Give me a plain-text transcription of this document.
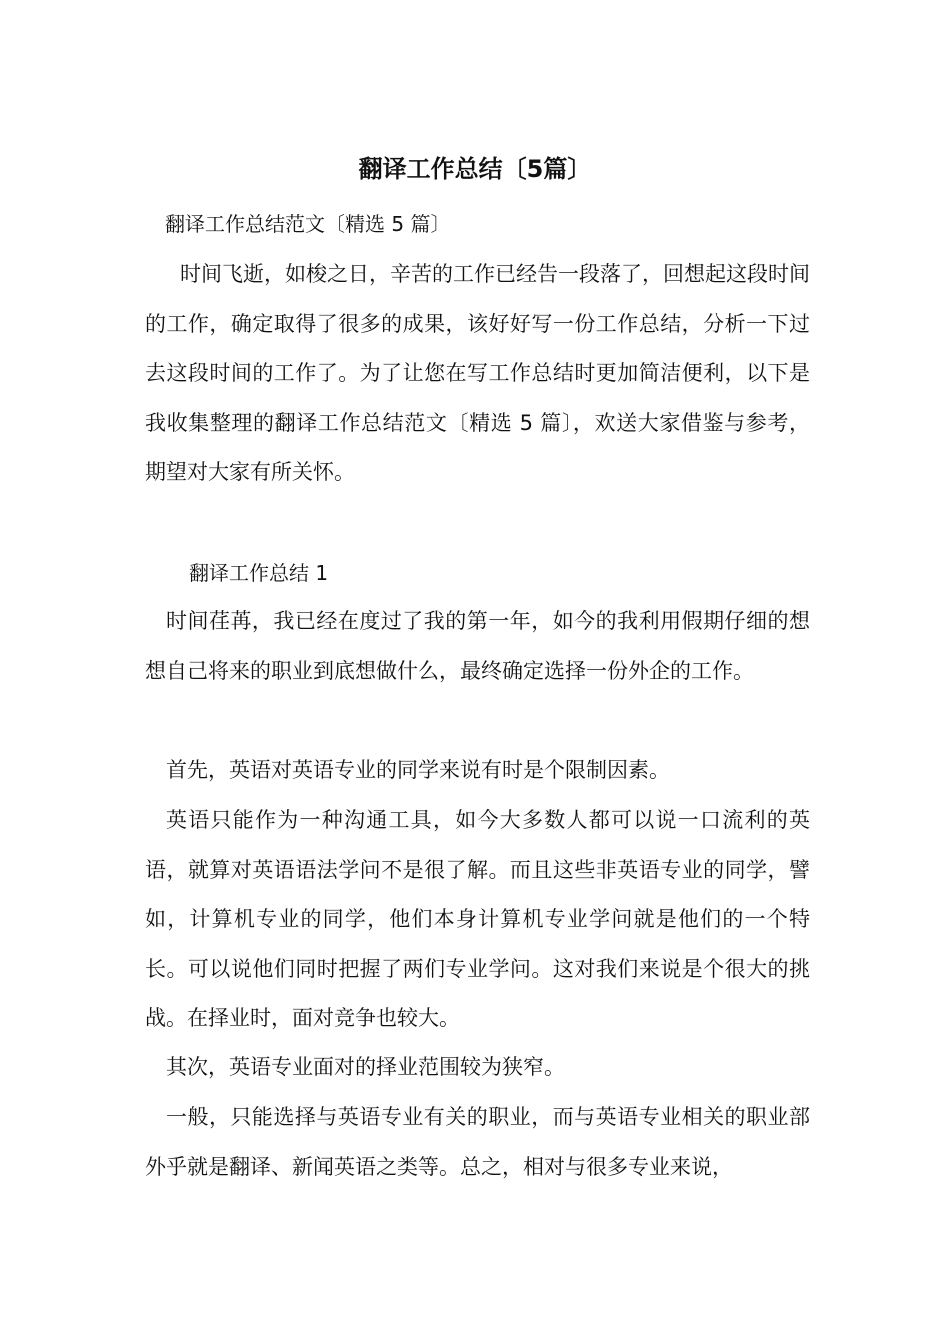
翻译工作总结〔5篇〕
翻译工作总结范文〔精选 5 篇〕

时间飞逝，如梭之日，辛苦的工作已经告一段落了，回想起这段时间的工作，确定取得了很多的成果，该好好写一份工作总结，分析一下过去这段时间的工作了。为了让您在写工作总结时更加简洁便利，以下是我收集整理的翻译工作总结范文〔精选 5 篇〕，欢送大家借鉴与参考，期望对大家有所关怀。

翻译工作总结 1

时间荏苒，我已经在度过了我的第一年，如今的我利用假期仔细的想想自己将来的职业到底想做什么，最终确定选择一份外企的工作。

首先，英语对英语专业的同学来说有时是个限制因素。

英语只能作为一种沟通工具，如今大多数人都可以说一口流利的英语，就算对英语语法学问不是很了解。而且这些非英语专业的同学，譬如，计算机专业的同学，他们本身计算机专业学问就是他们的一个特长。可以说他们同时把握了两们专业学问。这对我们来说是个很大的挑战。在择业时，面对竞争也较大。

其次，英语专业面对的择业范围较为狭窄。

一般，只能选择与英语专业有关的职业，而与英语专业相关的职业部外乎就是翻译、新闻英语之类等。总之，相对与很多专业来说，
